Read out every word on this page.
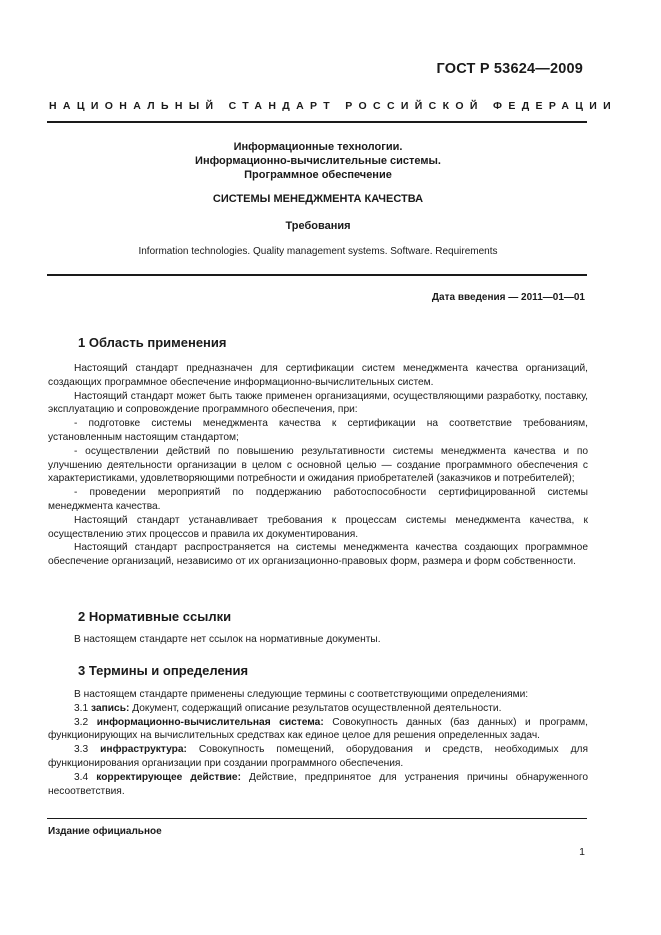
ГОСТ Р 53624—2009
НАЦИОНАЛЬНЫЙ СТАНДАРТ РОССИЙСКОЙ ФЕДЕРАЦИИ
Информационные технологии.
Информационно-вычислительные системы.
Программное обеспечение
СИСТЕМЫ МЕНЕДЖМЕНТА КАЧЕСТВА
Требования
Information technologies. Quality management systems. Software. Requirements
Дата введения — 2011—01—01
1 Область применения

Настоящий стандарт предназначен для сертификации систем менеджмента качества организаций, создающих программное обеспечение информационно-вычислительных систем.

Настоящий стандарт может быть также применен организациями, осуществляющими разработку, поставку, эксплуатацию и сопровождение программного обеспечения, при:

- подготовке системы менеджмента качества к сертификации на соответствие требованиям, установленным настоящим стандартом;

- осуществлении действий по повышению результативности системы менеджмента качества и по улучшению деятельности организации в целом с основной целью — создание программного обеспечения с характеристиками, удовлетворяющими потребности и ожидания приобретателей (заказчиков и потребителей);

- проведении мероприятий по поддержанию работоспособности сертифицированной системы менеджмента качества.

Настоящий стандарт устанавливает требования к процессам системы менеджмента качества, к осуществлению этих процессов и правила их документирования.

Настоящий стандарт распространяется на системы менеджмента качества создающих программное обеспечение организаций, независимо от их организационно-правовых форм, размера и форм собственности.

2 Нормативные ссылки

В настоящем стандарте нет ссылок на нормативные документы.

3 Термины и определения

В настоящем стандарте применены следующие термины с соответствующими определениями:

3.1 запись: Документ, содержащий описание результатов осуществленной деятельности.

3.2 информационно-вычислительная система: Совокупность данных (баз данных) и программ, функционирующих на вычислительных средствах как единое целое для решения определенных задач.

3.3 инфраструктура: Совокупность помещений, оборудования и средств, необходимых для функционирования организации при создании программного обеспечения.

3.4 корректирующее действие: Действие, предпринятое для устранения причины обнаруженного несоответствия.

Издание официальное
1
